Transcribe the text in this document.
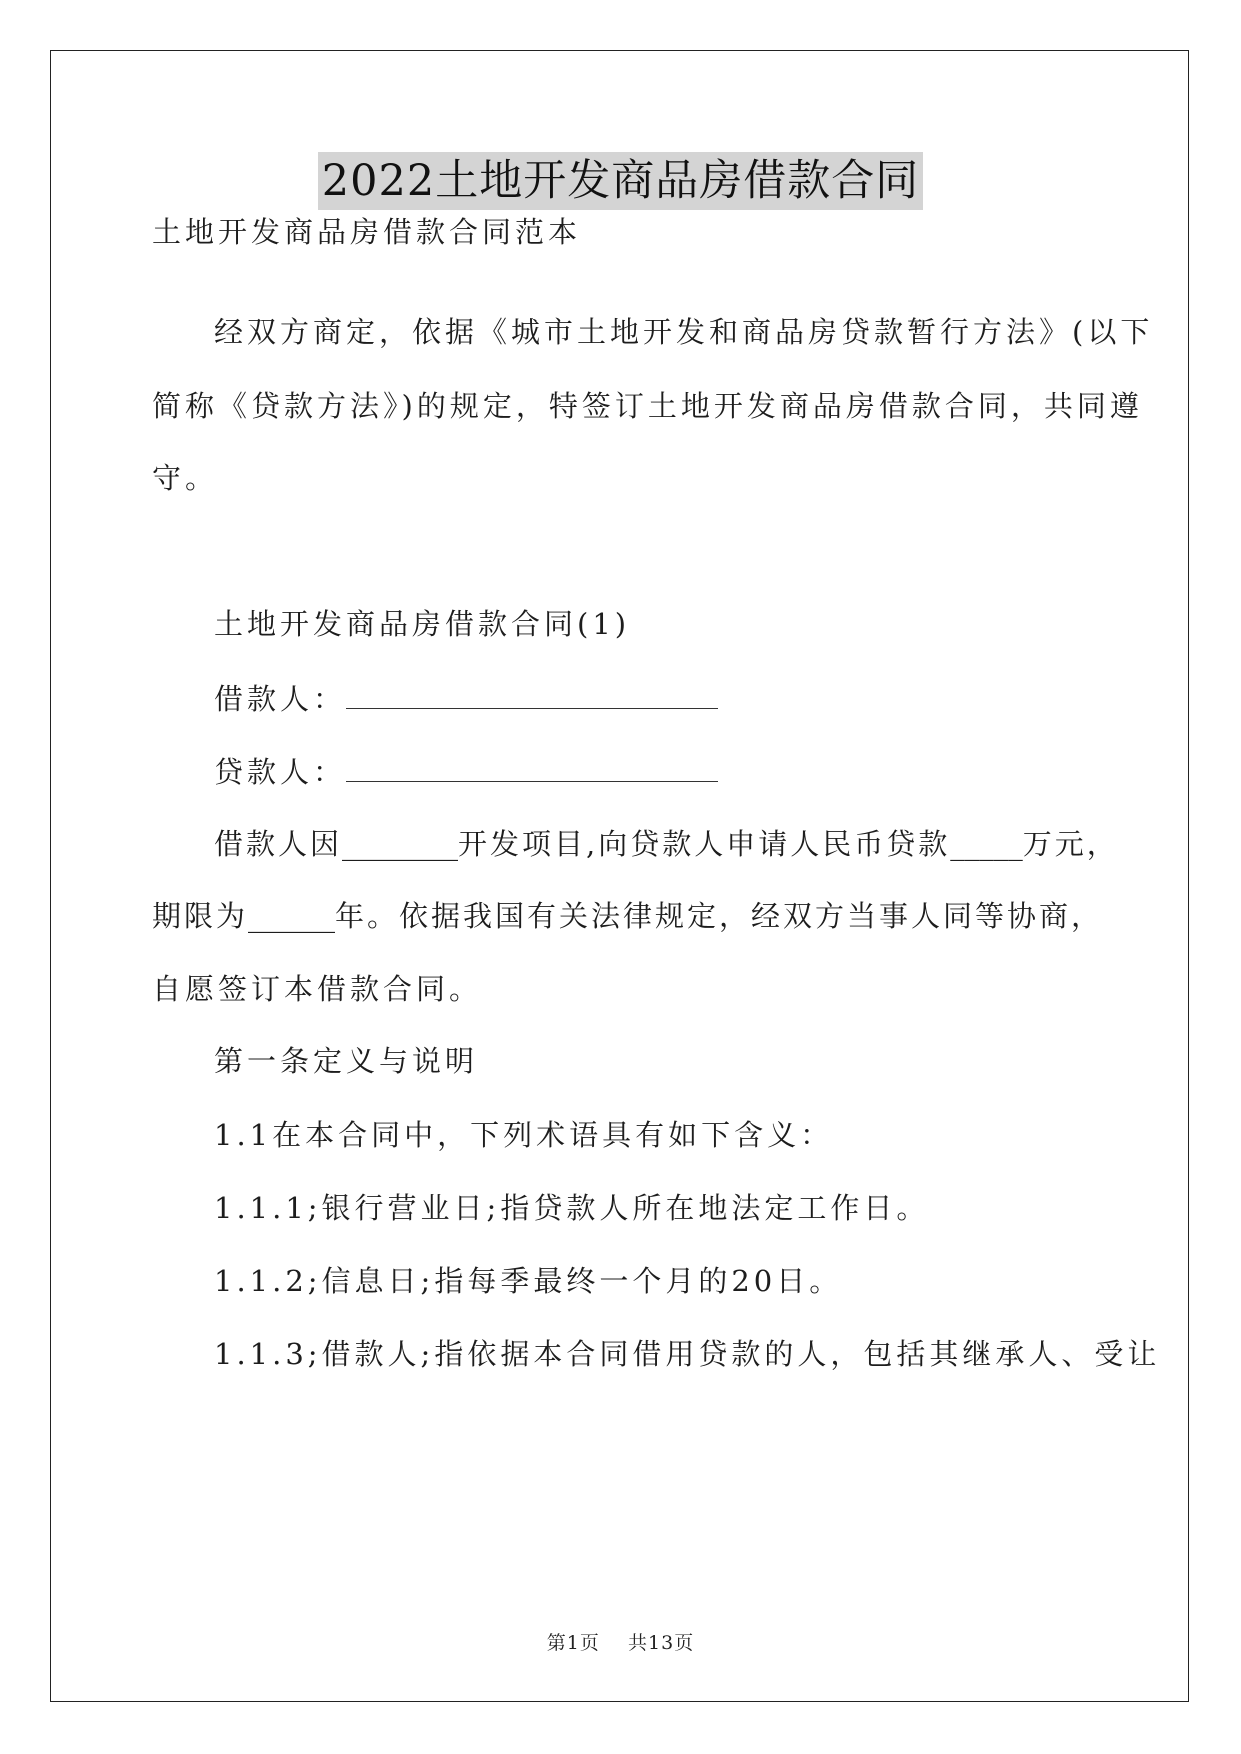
2022土地开发商品房借款合同
土地开发商品房借款合同范本
经双方商定，依据《城市土地开发和商品房贷款暂行方法》(以下
简称《贷款方法》)的规定，特签订土地开发商品房借款合同，共同遵
守。
土地开发商品房借款合同(1)
借款人：
贷款人：
借款人因________开发项目,向贷款人申请人民币贷款_____万元，
期限为______年。依据我国有关法律规定，经双方当事人同等协商，
自愿签订本借款合同。
第一条定义与说明
1.1在本合同中，下列术语具有如下含义：
1.1.1;银行营业日;指贷款人所在地法定工作日。
1.1.2;信息日;指每季最终一个月的20日。
1.1.3;借款人;指依据本合同借用贷款的人，包括其继承人、受让
第1页 共13页
